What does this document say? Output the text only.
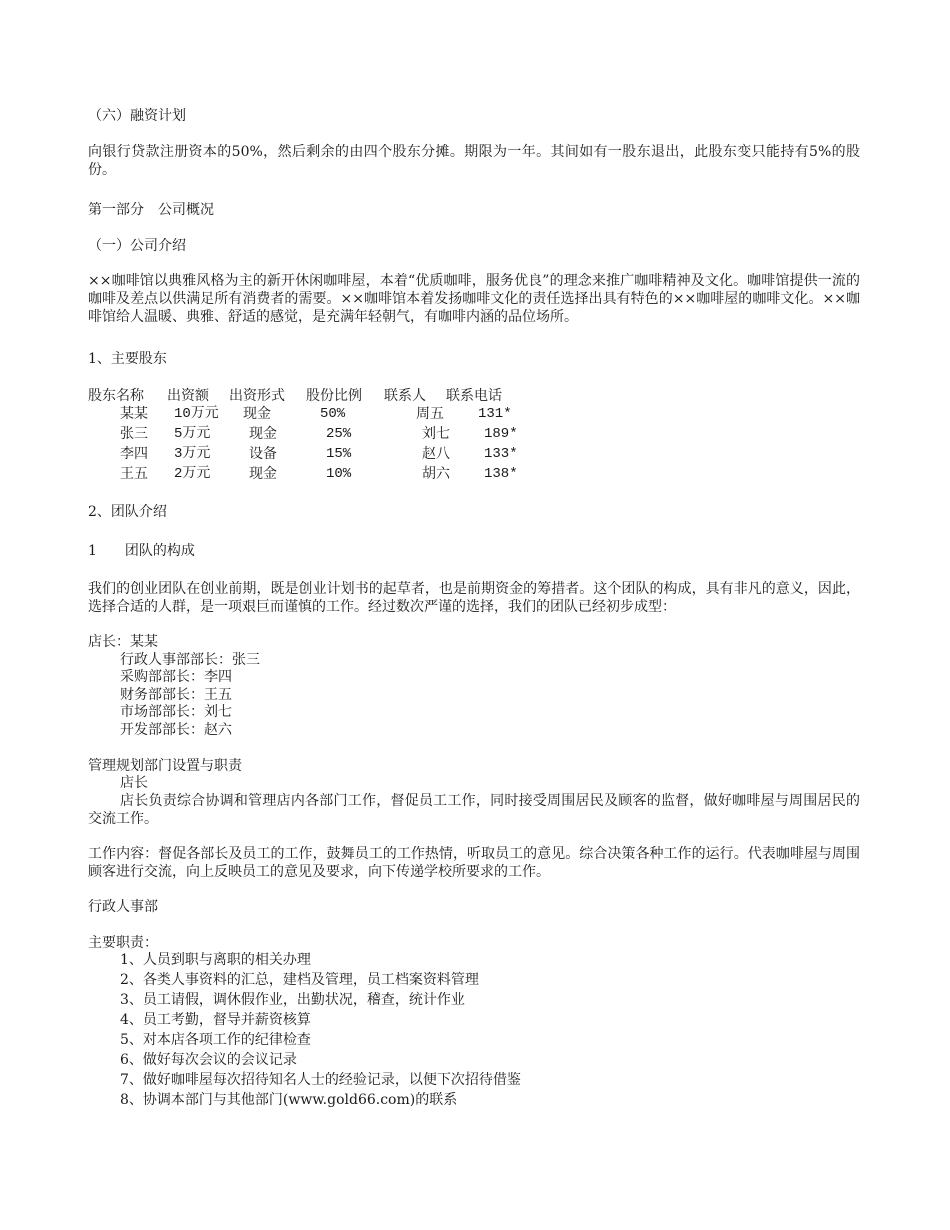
（六）融资计划
向银行贷款注册资本的50%，然后剩余的由四个股东分摊。期限为一年。其间如有一股东退出，此股东变只能持有5%的股份。
第一部分　公司概况
（一）公司介绍
××咖啡馆以典雅风格为主的新开休闲咖啡屋，本着“优质咖啡，服务优良”的理念来推广咖啡精神及文化。咖啡馆提供一流的咖啡及差点以供满足所有消费者的需要。××咖啡馆本着发扬咖啡文化的责任选择出具有特色的××咖啡屋的咖啡文化。××咖啡馆给人温暖、典雅、舒适的感觉，是充满年轻朝气，有咖啡内涵的品位场所。
1、主要股东
股东名称 出资额 出资形式 股份比例 联系人 联系电话
某某 10万元 现金	50%	周五 131*
张三 5万元	现金	25%	刘七 189*
李四 3万元	设备	15%	赵八 133*
王五 2万元	现金	10%	胡六 138*
2、团队介绍
1　　团队的构成
我们的创业团队在创业前期，既是创业计划书的起草者，也是前期资金的筹措者。这个团队的构成，具有非凡的意义，因此，选择合适的人群，是一项艰巨而谨慎的工作。经过数次严谨的选择，我们的团队已经初步成型：
店长：某某
行政人事部部长：张三
采购部部长：李四
财务部部长：王五
市场部部长：刘七
开发部部长：赵六
管理规划部门设置与职责
店长
店长负责综合协调和管理店内各部门工作，督促员工工作，同时接受周围居民及顾客的监督，做好咖啡屋与周围居民的交流工作。
工作内容：督促各部长及员工的工作，鼓舞员工的工作热情，听取员工的意见。综合决策各种工作的运行。代表咖啡屋与周围顾客进行交流，向上反映员工的意见及要求，向下传递学校所要求的工作。
行政人事部
主要职责：
1、人员到职与离职的相关办理
2、各类人事资料的汇总，建档及管理，员工档案资料管理
3、员工请假，调休假作业，出勤状况，稽查，统计作业
4、员工考勤，督导并薪资核算
5、对本店各项工作的纪律检查
6、做好每次会议的会议记录
7、做好咖啡屋每次招待知名人士的经验记录，以便下次招待借鉴
8、协调本部门与其他部门(www.gold66.com)的联系
